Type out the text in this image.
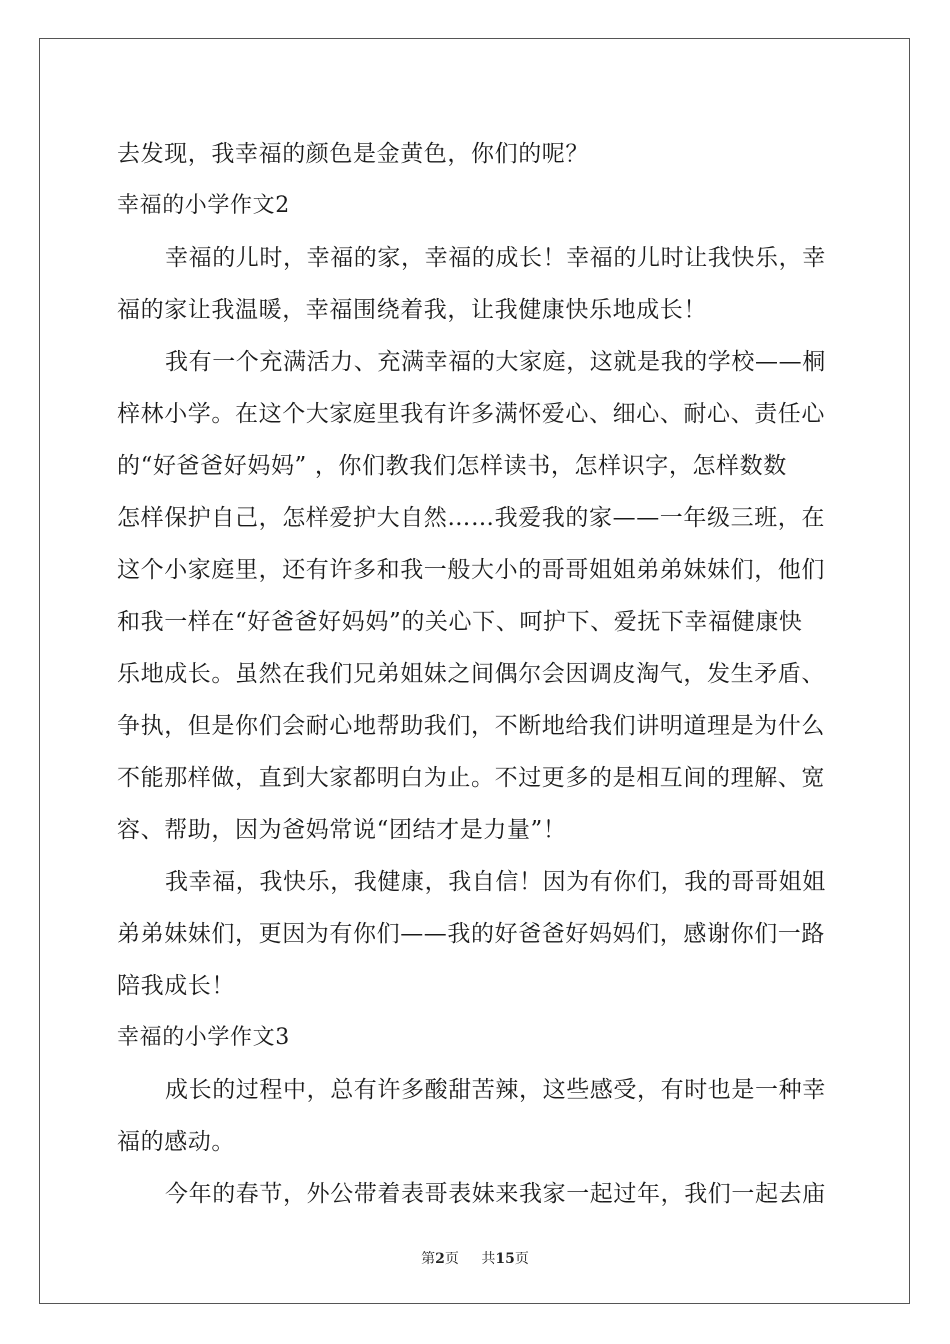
去发现，我幸福的颜色是金黄色，你们的呢？
幸福的小学作文2
幸福的儿时，幸福的家，幸福的成长！幸福的儿时让我快乐，幸
福的家让我温暖，幸福围绕着我，让我健康快乐地成长！
我有一个充满活力、充满幸福的大家庭，这就是我的学校——桐
梓林小学。在这个大家庭里我有许多满怀爱心、细心、耐心、责任心
的“好爸爸好妈妈” ，你们教我们怎样读书，怎样识字，怎样数数
怎样保护自己，怎样爱护大自然……我爱我的家——一年级三班，在
这个小家庭里，还有许多和我一般大小的哥哥姐姐弟弟妹妹们，他们
和我一样在“好爸爸好妈妈”的关心下、呵护下、爱抚下幸福健康快
乐地成长。虽然在我们兄弟姐妹之间偶尔会因调皮淘气，发生矛盾、
争执，但是你们会耐心地帮助我们，不断地给我们讲明道理是为什么
不能那样做，直到大家都明白为止。不过更多的是相互间的理解、宽
容、帮助，因为爸妈常说“团结才是力量”！
我幸福，我快乐，我健康，我自信！因为有你们，我的哥哥姐姐
弟弟妹妹们，更因为有你们——我的好爸爸好妈妈们，感谢你们一路
陪我成长！
幸福的小学作文3
成长的过程中，总有许多酸甜苦辣，这些感受，有时也是一种幸
福的感动。
今年的春节，外公带着表哥表妹来我家一起过年，我们一起去庙
第2页 共15页
